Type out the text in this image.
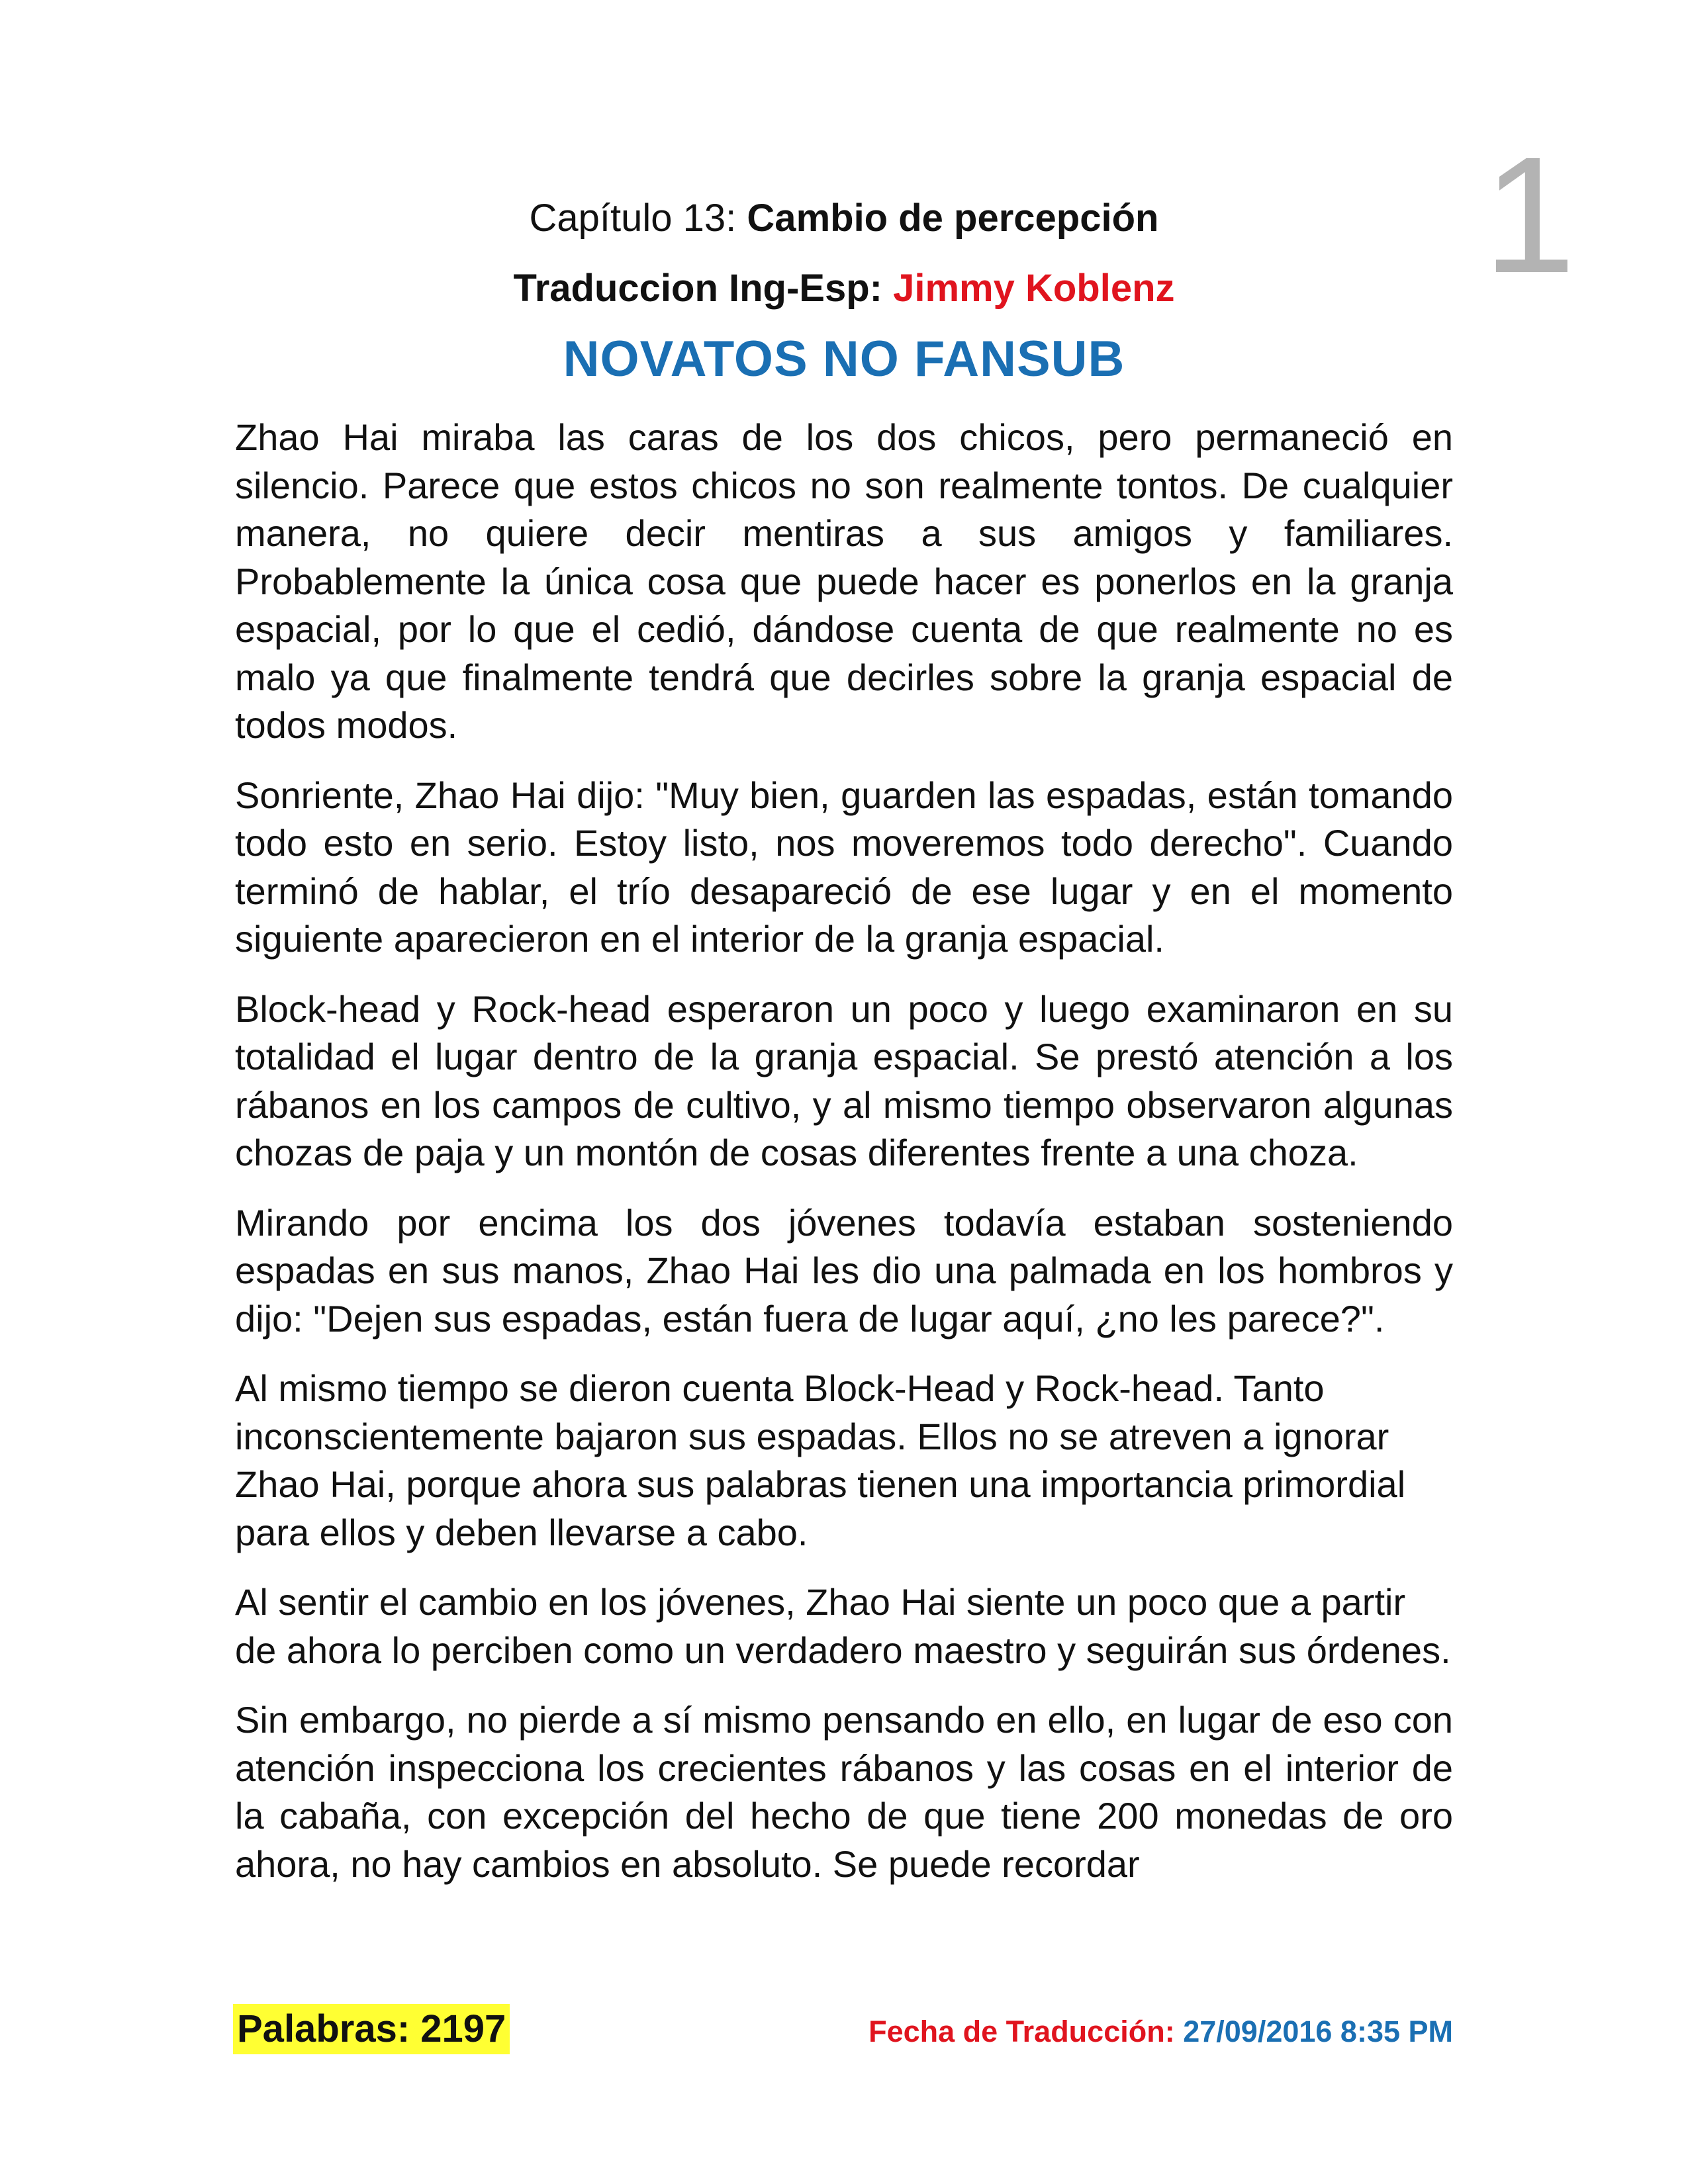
1
Capítulo 13: Cambio de percepción
Traduccion Ing-Esp: Jimmy Koblenz
NOVATOS NO FANSUB

Zhao Hai miraba las caras de los dos chicos, pero permaneció en silencio. Parece que estos chicos no son realmente tontos. De cualquier manera, no quiere decir mentiras a sus amigos y familiares. Probablemente la única cosa que puede hacer es ponerlos en la granja espacial, por lo que el cedió, dándose cuenta de que realmente no es malo ya que finalmente tendrá que decirles sobre la granja espacial de todos modos.

Sonriente, Zhao Hai dijo: "Muy bien, guarden las espadas, están tomando todo esto en serio. Estoy listo, nos moveremos todo derecho". Cuando terminó de hablar, el trío desapareció de ese lugar y en el momento siguiente aparecieron en el interior de la granja espacial.

Block-head y Rock-head esperaron un poco y luego examinaron en su totalidad el lugar dentro de la granja espacial. Se prestó atención a los rábanos en los campos de cultivo, y al mismo tiempo observaron algunas chozas de paja y un montón de cosas diferentes frente a una choza.

Mirando por encima los dos jóvenes todavía estaban sosteniendo espadas en sus manos, Zhao Hai les dio una palmada en los hombros y dijo: "Dejen sus espadas, están fuera de lugar aquí, ¿no les parece?".

Al mismo tiempo se dieron cuenta Block-Head y Rock-head. Tanto inconscientemente bajaron sus espadas. Ellos no se atreven a ignorar Zhao Hai, porque ahora sus palabras tienen una importancia primordial para ellos y deben llevarse a cabo.

Al sentir el cambio en los jóvenes, Zhao Hai siente un poco que a partir de ahora lo perciben como un verdadero maestro y seguirán sus órdenes.

Sin embargo, no pierde a sí mismo pensando en ello, en lugar de eso con atención inspecciona los crecientes rábanos y las cosas en el interior de la cabaña, con excepción del hecho de que tiene 200 monedas de oro ahora, no hay cambios en absoluto. Se puede recordar

Palabras: 2197	Fecha de Traducción: 27/09/2016 8:35 PM
